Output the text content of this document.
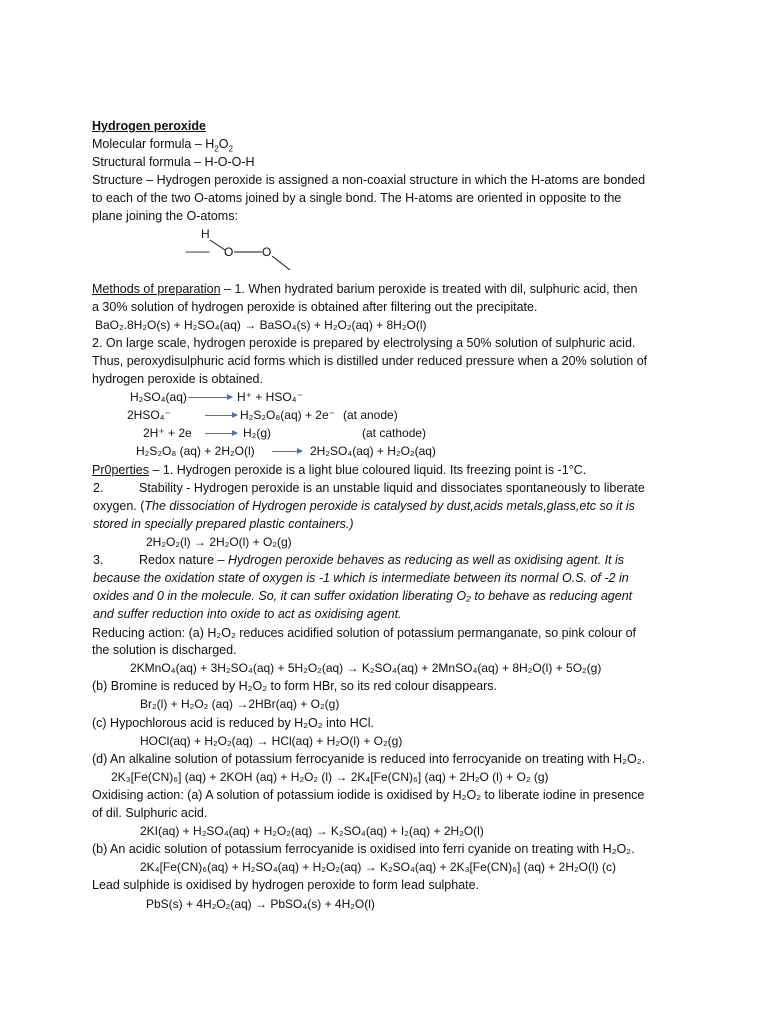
Hydrogen peroxide
Molecular formula – $H_2O_2$
Structural formula – H-O-O-H
Structure – Hydrogen peroxide is assigned a non-coaxial structure in which the H-atoms are bonded
to each of the two O-atoms joined by a single bond. The H-atoms are oriented in opposite to the
plane joining the O-atoms:
H
--------- O O
Methods of preparation – 1. When hydrated barium peroxide is treated with dil, sulphuric acid, then
a 30% solution of hydrogen peroxide is obtained after filtering out the precipitate.
BaO₂.8H₂O(s) + H₂SO₄(aq) → BaSO₄(s) + H₂O₂(aq) + 8H₂O(l)
2. On large scale, hydrogen peroxide is prepared by electrolysing a 50% solution of sulphuric acid.
Thus, peroxydisulphuric acid forms which is distilled under reduced pressure when a 20% solution of
hydrogen peroxide is obtained.
H₂SO₄(aq)	H⁺ + HSO₄⁻
2HSO₄⁻	H₂S₂O₈(aq) + 2e⁻ (at anode)
2H⁺ + 2e	H₂(g)	(at cathode)
H₂S₂O₈ (aq) + 2H₂O(l)	2H₂SO₄(aq) + H₂O₂(aq)
Pr0perties – 1. Hydrogen peroxide is a light blue coloured liquid. Its freezing point is -1°C.
2.	Stability - Hydrogen peroxide is an unstable liquid and dissociates spontaneously to liberate
oxygen. (The dissociation of Hydrogen peroxide is catalysed by dust,acids metals,glass,etc so it is
stored in specially prepared plastic containers.)
2H₂O₂(l) → 2H₂O(l) + O₂(g)
3.	Redox nature – Hydrogen peroxide behaves as reducing as well as oxidising agent. It is
because the oxidation state of oxygen is -1 which is intermediate between its normal O.S. of -2 in
oxides and 0 in the molecule. So, it can suffer oxidation liberating O₂ to behave as reducing agent
and suffer reduction into oxide to act as oxidising agent.
Reducing action: (a) H₂O₂ reduces acidified solution of potassium permanganate, so pink colour of
the solution is discharged.
2KMnO₄(aq) + 3H₂SO₄(aq) + 5H₂O₂(aq) → K₂SO₄(aq) + 2MnSO₄(aq) + 8H₂O(l) + 5O₂(g)
(b) Bromine is reduced by H₂O₂ to form HBr, so its red colour disappears.
Br₂(l) + H₂O₂ (aq) →2HBr(aq) + O₂(g)
(c) Hypochlorous acid is reduced by H₂O₂ into HCl.
HOCl(aq) + H₂O₂(aq) → HCl(aq) + H₂O(l) + O₂(g)
(d) An alkaline solution of potassium ferrocyanide is reduced into ferrocyanide on treating with H₂O₂.
2K₃[Fe(CN)₆] (aq) + 2KOH (aq) + H₂O₂ (l) → 2K₄[Fe(CN)₆] (aq) + 2H₂O (l) + O₂ (g)
Oxidising action: (a) A solution of potassium iodide is oxidised by H₂O₂ to liberate iodine in presence
of dil. Sulphuric acid.
2KI(aq) + H₂SO₄(aq) + H₂O₂(aq) → K₂SO₄(aq) + I₂(aq) + 2H₂O(l)
(b) An acidic solution of potassium ferrocyanide is oxidised into ferri cyanide on treating with H₂O₂.
2K₄[Fe(CN)₆(aq) + H₂SO₄(aq) + H₂O₂(aq) → K₂SO₄(aq) + 2K₃[Fe(CN)₆] (aq) + 2H₂O(l) (c)
Lead sulphide is oxidised by hydrogen peroxide to form lead sulphate.
PbS(s) + 4H₂O₂(aq) → PbSO₄(s) + 4H₂O(l)
